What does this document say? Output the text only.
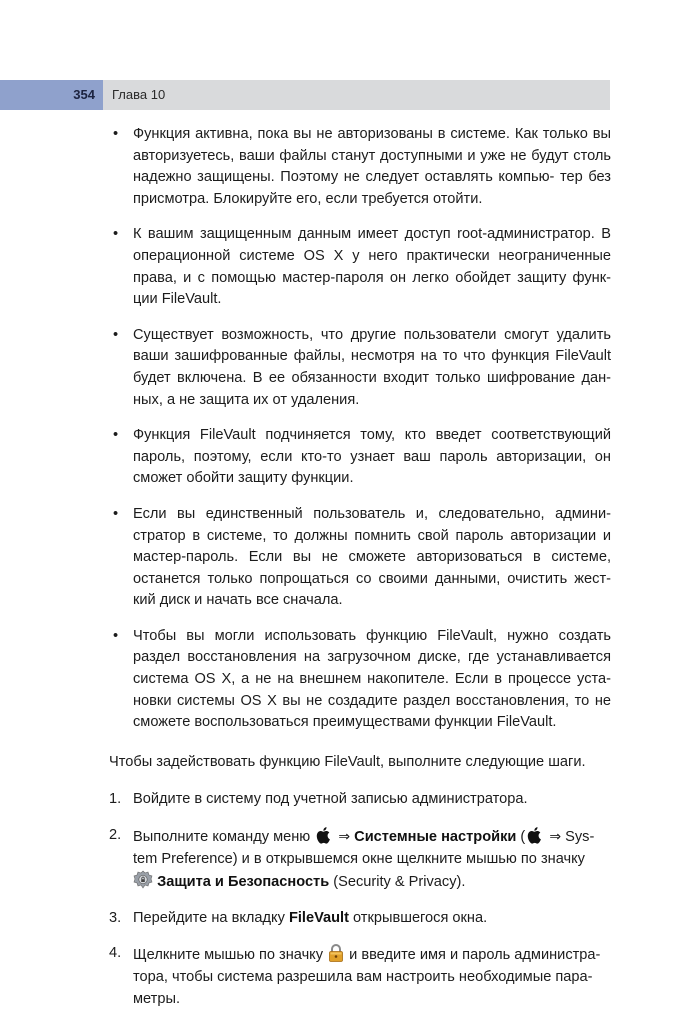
354 Глава 10
• Функция активна, пока вы не авторизованы в системе. Как только вы авторизуетесь, ваши файлы станут доступными и уже не будут столь надежно защищены. Поэтому не следует оставлять компью- тер без присмотра. Блокируйте его, если требуется отойти.
• К вашим защищенным данным имеет доступ root-администратор. В операционной системе OS X у него практически неограниченные права, и с помощью мастер-пароля он легко обойдет защиту функ- ции FileVault.
• Существует возможность, что другие пользователи смогут удалить ваши зашифрованные файлы, несмотря на то что функция FileVault будет включена. В ее обязанности входит только шифрование дан- ных, а не защита их от удаления.
• Функция FileVault подчиняется тому, кто введет соответствующий пароль, поэтому, если кто-то узнает ваш пароль авторизации, он сможет обойти защиту функции.
• Если вы единственный пользователь и, следовательно, админи- стратор в системе, то должны помнить свой пароль авторизации и мастер-пароль. Если вы не сможете авторизоваться в системе, останется только попрощаться со своими данными, очистить жест- кий диск и начать все сначала.
• Чтобы вы могли использовать функцию FileVault, нужно создать раздел восстановления на загрузочном диске, где устанавливается система OS X, а не на внешнем накопителе. Если в процессе уста- новки системы OS X вы не создадите раздел восстановления, то не сможете воспользоваться преимуществами функции FileVault.

Чтобы задействовать функцию FileVault, выполните следующие шаги.

1. Войдите в систему под учетной записью администратора.
2. Выполните команду меню  ⇒ Системные настройки ( ⇒ Sys- tem Preference) и в открывшемся окне щелкните мышью по значку
Защита и Безопасность (Security & Privacy).
3. Перейдите на вкладку FileVault открывшегося окна.
4. Щелкните мышью по значку  и введите имя и пароль администра- тора, чтобы система разрешила вам настроить необходимые пара- метры.
